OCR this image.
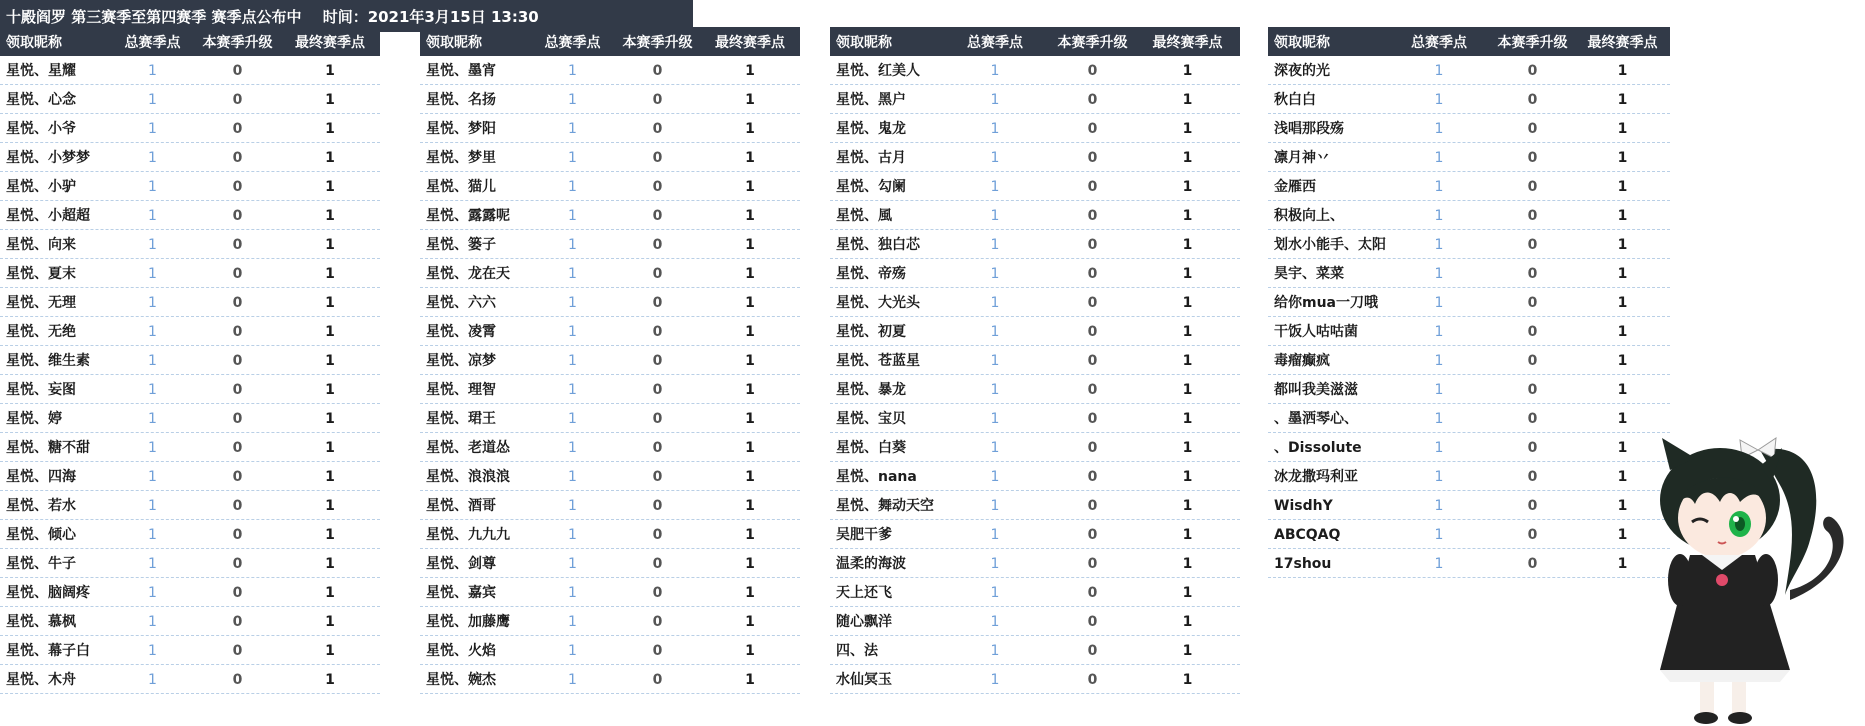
十殿阎罗 第三赛季至第四赛季 赛季点公布中 时间：2021年3月15日 13:30
领取昵称	总赛季点	本赛季升级	最终赛季点
星悦、星耀	1	0	1
星悦、心念	1	0	1
星悦、小爷	1	0	1
星悦、小梦梦	1	0	1
星悦、小驴	1	0	1
星悦、小超超	1	0	1
星悦、向来	1	0	1
星悦、夏末	1	0	1
星悦、无理	1	0	1
星悦、无绝	1	0	1
星悦、维生素	1	0	1
星悦、妄图	1	0	1
星悦、婷	1	0	1
星悦、糖不甜	1	0	1
星悦、四海	1	0	1
星悦、若水	1	0	1
星悦、倾心	1	0	1
星悦、牛子	1	0	1
星悦、脑阔疼	1	0	1
星悦、慕枫	1	0	1
星悦、幕子白	1	0	1
星悦、木舟	1	0	1
领取昵称	总赛季点	本赛季升级	最终赛季点
星悦、墨宵	1	0	1
星悦、名扬	1	0	1
星悦、梦阳	1	0	1
星悦、梦里	1	0	1
星悦、猫儿	1	0	1
星悦、露露呢	1	0	1
星悦、篓子	1	0	1
星悦、龙在天	1	0	1
星悦、六六	1	0	1
星悦、凌霄	1	0	1
星悦、凉梦	1	0	1
星悦、理智	1	0	1
星悦、珺王	1	0	1
星悦、老道怂	1	0	1
星悦、浪浪浪	1	0	1
星悦、酒哥	1	0	1
星悦、九九九	1	0	1
星悦、剑尊	1	0	1
星悦、嘉宾	1	0	1
星悦、加藤鹰	1	0	1
星悦、火焰	1	0	1
星悦、婉杰	1	0	1
领取昵称	总赛季点	本赛季升级	最终赛季点
星悦、红美人	1	0	1
星悦、黑户	1	0	1
星悦、鬼龙	1	0	1
星悦、古月	1	0	1
星悦、勾阑	1	0	1
星悦、風	1	0	1
星悦、独白芯	1	0	1
星悦、帝殇	1	0	1
星悦、大光头	1	0	1
星悦、初夏	1	0	1
星悦、苍蓝星	1	0	1
星悦、暴龙	1	0	1
星悦、宝贝	1	0	1
星悦、白葵	1	0	1
星悦、nana	1	0	1
星悦、舞动天空	1	0	1
吴肥干爹	1	0	1
温柔的海波	1	0	1
天上还飞	1	0	1
随心飘洋	1	0	1
四、法	1	0	1
水仙冥玉	1	0	1
领取昵称	总赛季点	本赛季升级	最终赛季点
深夜的光	1	0	1
秋白白	1	0	1
浅唱那段殇	1	0	1
凛月神丷	1	0	1
金雁西	1	0	1
积极向上、	1	0	1
划水小能手、太阳	1	0	1
昊宇、菜菜	1	0	1
给你mua一刀哦	1	0	1
干饭人咕咕菌	1	0	1
毒瘤癫疯	1	0	1
都叫我美滋滋	1	0	1
、墨洒琴心、	1	0	1
、Dissolute	1	0	1
冰龙撒玛利亚	1	0	1
WisdhY	1	0	1
ABCQAQ	1	0	1
17shou	1	0	1
